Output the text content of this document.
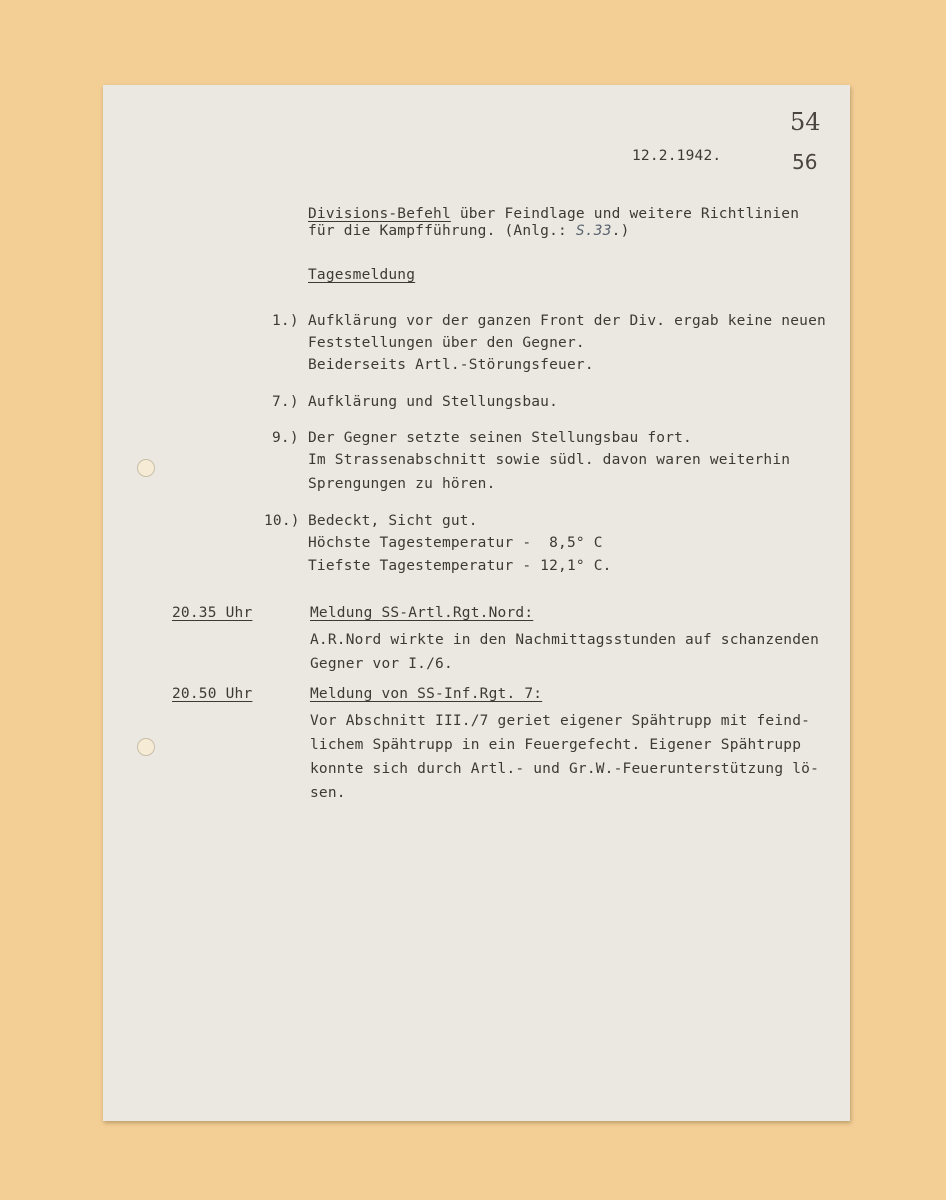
54
56
12.2.1942.
Divisions-Befehl über Feindlage und weitere Richtlinien
für die Kampfführung. (Anlg.: S.33.)
Tagesmeldung
1.) Aufklärung vor der ganzen Front der Div. ergab keine neuen
Feststellungen über den Gegner.
Beiderseits Artl.-Störungsfeuer.
7.) Aufklärung und Stellungsbau.
9.) Der Gegner setzte seinen Stellungsbau fort.
Im Strassenabschnitt sowie südl. davon waren weiterhin
Sprengungen zu hören.
10.) Bedeckt, Sicht gut.
Höchste Tagestemperatur -  8,5° C
Tiefste Tagestemperatur - 12,1° C.
20.35 Uhr	Meldung SS-Artl.Rgt.Nord:
A.R.Nord wirkte in den Nachmittagsstunden auf schanzenden
Gegner vor I./6.
20.50 Uhr	Meldung von SS-Inf.Rgt. 7:
Vor Abschnitt III./7 geriet eigener Spähtrupp mit feind-
lichem Spähtrupp in ein Feuergefecht. Eigener Spähtrupp
konnte sich durch Artl.- und Gr.W.-Feuerunterstützung lö-
sen.
